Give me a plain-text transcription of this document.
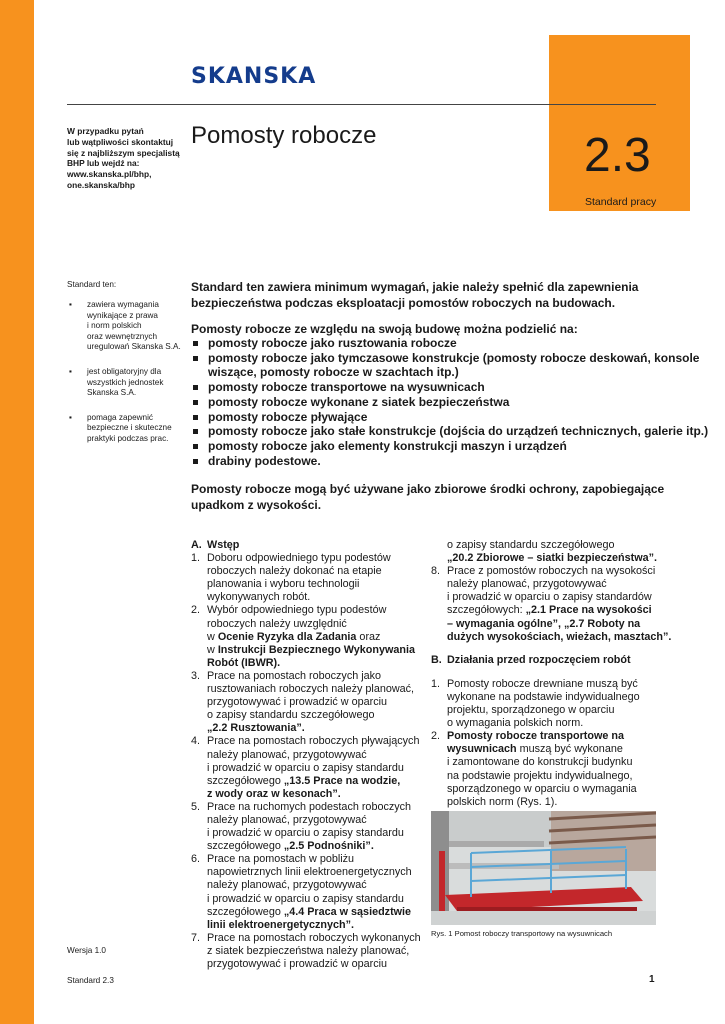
SKANSKA
W przypadku pytań
lub wątpliwości skontaktuj
się z najbliższym specjalistą
BHP lub wejdź na:
www.skanska.pl/bhp,
one.skanska/bhp
Pomosty robocze	2.3
Standard pracy
Standard ten:
▪ zawiera wymagania
wynikające z prawa
i norm polskich
oraz wewnętrznych
uregulowań Skanska S.A.
▪ jest obligatoryjny dla
wszystkich jednostek
Skanska S.A.
▪ pomaga zapewnić
bezpieczne i skuteczne
praktyki podczas prac.
Standard ten zawiera minimum wymagań, jakie należy spełnić dla zapewnienia
bezpieczeństwa podczas eksploatacji pomostów roboczych na budowach.
Pomosty robocze ze względu na swoją budowę można podzielić na:
pomosty robocze jako rusztowania robocze
pomosty robocze jako tymczasowe konstrukcje (pomosty robocze deskowań, konsole
wiszące, pomosty robocze w szachtach itp.)
pomosty robocze transportowe na wysuwnicach
pomosty robocze wykonane z siatek bezpieczeństwa
pomosty robocze pływające
pomosty robocze jako stałe konstrukcje (dojścia do urządzeń technicznych, galerie itp.)
pomosty robocze jako elementy konstrukcji maszyn i urządzeń
drabiny podestowe.
Pomosty robocze mogą być używane jako zbiorowe środki ochrony, zapobiegające
upadkom z wysokości.
A. Wstęp
1. Doboru odpowiedniego typu podestów
roboczych należy dokonać na etapie
planowania i wyboru technologii
wykonywanych robót.
2. Wybór odpowiedniego typu podestów
roboczych należy uwzględnić
w Ocenie Ryzyka dla Zadania oraz
w Instrukcji Bezpiecznego Wykonywania
Robót (IBWR).
3. Prace na pomostach roboczych jako
rusztowaniach roboczych należy planować,
przygotowywać i prowadzić w oparciu
o zapisy standardu szczegółowego
„2.2 Rusztowania”.
4. Prace na pomostach roboczych pływających
należy planować, przygotowywać
i prowadzić w oparciu o zapisy standardu
szczegółowego „13.5 Prace na wodzie,
z wody oraz w kesonach”.
5. Prace na ruchomych podestach roboczych
należy planować, przygotowywać
i prowadzić w oparciu o zapisy standardu
szczegółowego „2.5 Podnośniki”.
6. Prace na pomostach w pobliżu
napowietrznych linii elektroenergetycznych
należy planować, przygotowywać
i prowadzić w oparciu o zapisy standardu
szczegółowego „4.4 Praca w sąsiedztwie
linii elektroenergetycznych”.
7. Prace na pomostach roboczych wykonanych
z siatek bezpieczeństwa należy planować,
przygotowywać i prowadzić w oparciu
o zapisy standardu szczegółowego
„20.2 Zbiorowe – siatki bezpieczeństwa”.
8. Prace z pomostów roboczych na wysokości
należy planować, przygotowywać
i prowadzić w oparciu o zapisy standardów
szczegółowych: „2.1 Prace na wysokości
– wymagania ogólne”, „2.7 Roboty na
dużych wysokościach, wieżach, masztach”.
B. Działania przed rozpoczęciem robót
1. Pomosty robocze drewniane muszą być
wykonane na podstawie indywidualnego
projektu, sporządzonego w oparciu
o wymagania polskich norm.
2. Pomosty robocze transportowe na
wysuwnicach muszą być wykonane
i zamontowane do konstrukcji budynku
na podstawie projektu indywidualnego,
sporządzonego w oparciu o wymagania
polskich norm (Rys. 1).
Rys. 1 Pomost roboczy transportowy na wysuwnicach
Wersja 1.0
Standard 2.3	1
